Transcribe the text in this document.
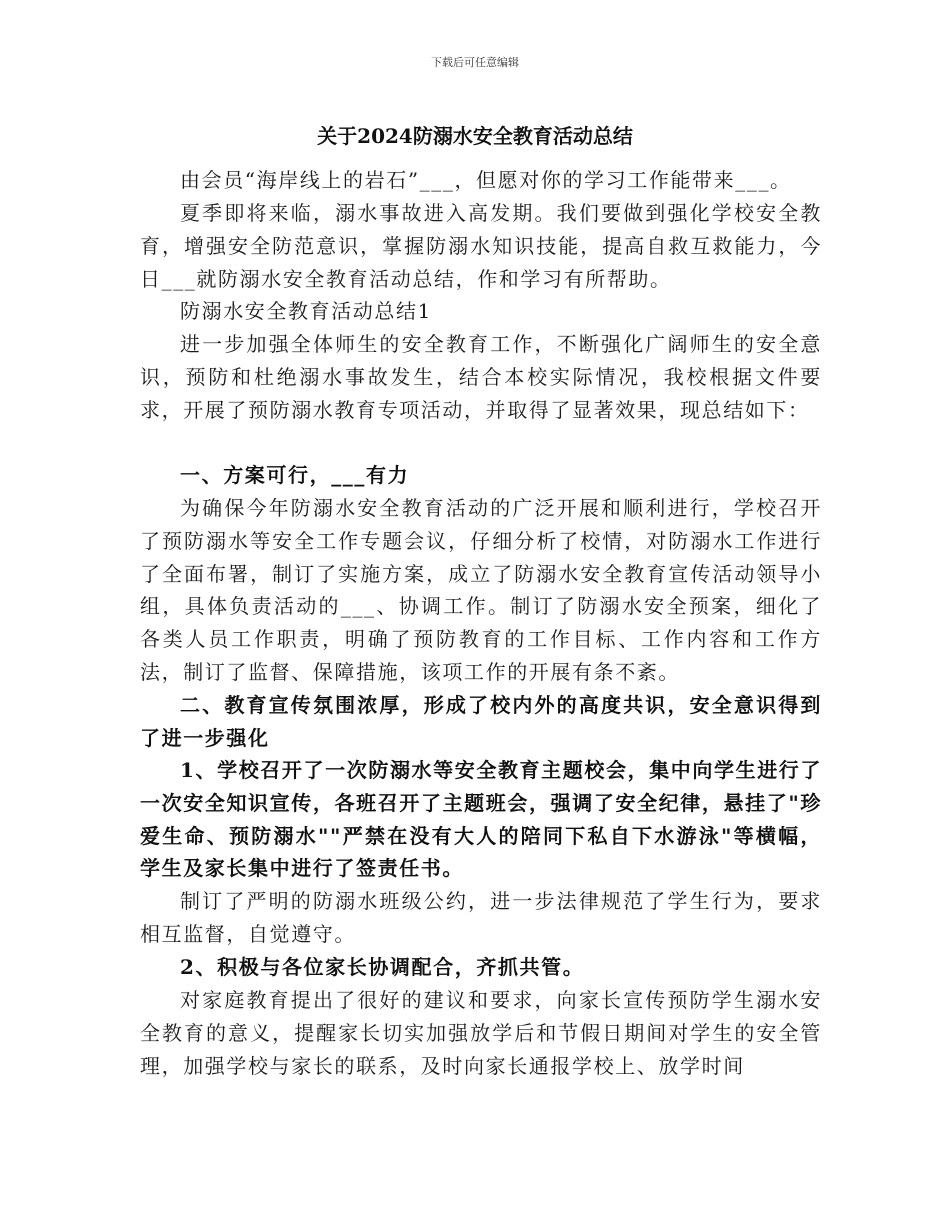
下载后可任意编辑
关于2024防溺水安全教育活动总结

由会员“海岸线上的岩石”___，但愿对你的学习工作能带来___。

夏季即将来临，溺水事故进入高发期。我们要做到强化学校安全教育，增强安全防范意识，掌握防溺水知识技能，提高自救互救能力，今日___就防溺水安全教育活动总结，作和学习有所帮助。

防溺水安全教育活动总结1

进一步加强全体师生的安全教育工作，不断强化广阔师生的安全意识，预防和杜绝溺水事故发生，结合本校实际情况，我校根据文件要求，开展了预防溺水教育专项活动，并取得了显著效果，现总结如下：

一、方案可行，___有力

为确保今年防溺水安全教育活动的广泛开展和顺利进行，学校召开了预防溺水等安全工作专题会议，仔细分析了校情，对防溺水工作进行了全面布署，制订了实施方案，成立了防溺水安全教育宣传活动领导小组，具体负责活动的___、协调工作。制订了防溺水安全预案，细化了各类人员工作职责，明确了预防教育的工作目标、工作内容和工作方法，制订了监督、保障措施，该项工作的开展有条不紊。

二、教育宣传氛围浓厚，形成了校内外的高度共识，安全意识得到了进一步强化

1、学校召开了一次防溺水等安全教育主题校会，集中向学生进行了一次安全知识宣传，各班召开了主题班会，强调了安全纪律，悬挂了"珍爱生命、预防溺水""严禁在没有大人的陪同下私自下水游泳"等横幅，学生及家长集中进行了签责任书。

制订了严明的防溺水班级公约，进一步法律规范了学生行为，要求相互监督，自觉遵守。

2、积极与各位家长协调配合，齐抓共管。

对家庭教育提出了很好的建议和要求，向家长宣传预防学生溺水安全教育的意义，提醒家长切实加强放学后和节假日期间对学生的安全管理，加强学校与家长的联系，及时向家长通报学校上、放学时间
